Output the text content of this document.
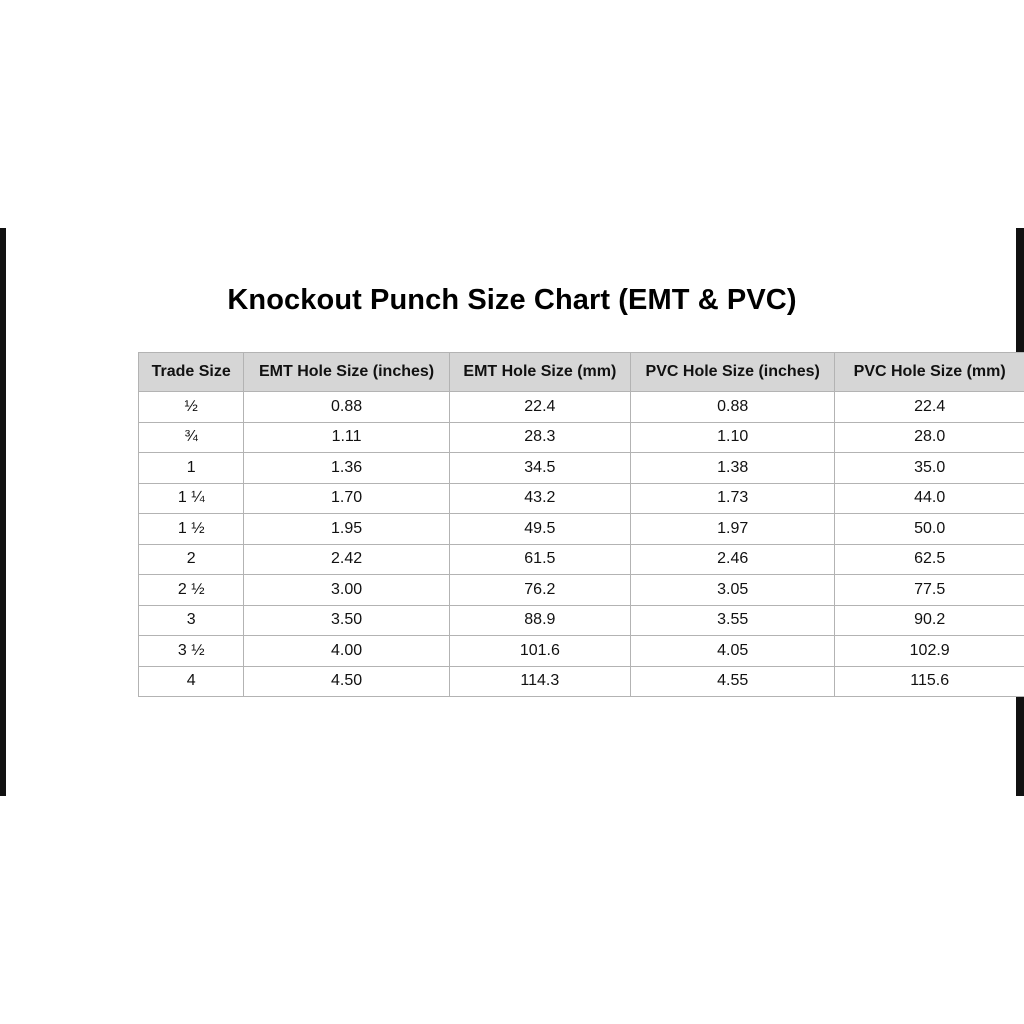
Knockout Punch Size Chart (EMT & PVC)
Trade Size	EMT Hole Size (inches)	EMT Hole Size (mm)	PVC Hole Size (inches)	PVC Hole Size (mm)
½	0.88	22.4	0.88	22.4
¾	1.11	28.3	1.10	28.0
1	1.36	34.5	1.38	35.0
1 ¼	1.70	43.2	1.73	44.0
1 ½	1.95	49.5	1.97	50.0
2	2.42	61.5	2.46	62.5
2 ½	3.00	76.2	3.05	77.5
3	3.50	88.9	3.55	90.2
3 ½	4.00	101.6	4.05	102.9
4	4.50	114.3	4.55	115.6
